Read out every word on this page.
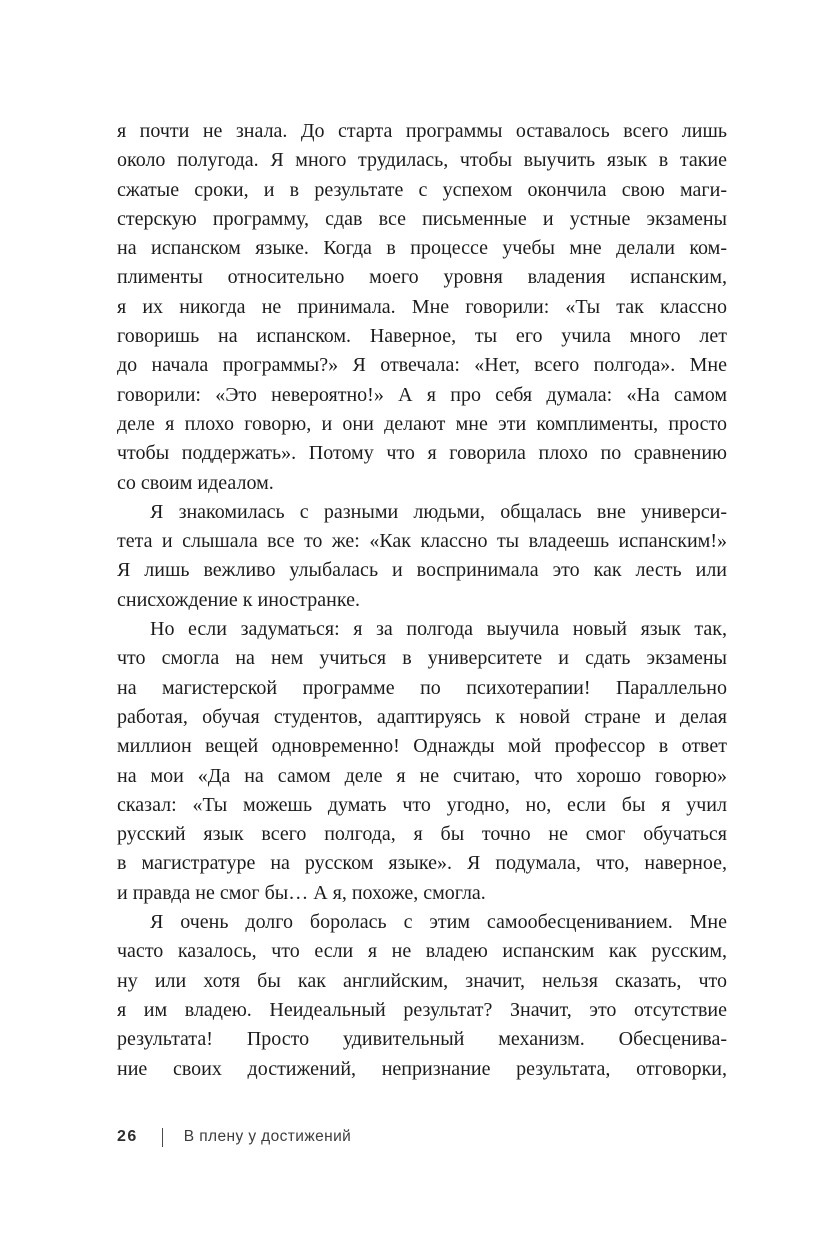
я почти не знала. До старта программы оставалось всего лишь
около полугода. Я много трудилась, чтобы выучить язык в такие
сжатые сроки, и в результате с успехом окончила свою маги-
стерскую программу, сдав все письменные и устные экзамены
на испанском языке. Когда в процессе учебы мне делали ком-
плименты относительно моего уровня владения испанским,
я их никогда не принимала. Мне говорили: «Ты так классно
говоришь на испанском. Наверное, ты его учила много лет
до начала программы?» Я отвечала: «Нет, всего полгода». Мне
говорили: «Это невероятно!» А я про себя думала: «На самом
деле я плохо говорю, и они делают мне эти комплименты, просто
чтобы поддержать». Потому что я говорила плохо по сравнению
со своим идеалом.

Я знакомилась с разными людьми, общалась вне универси-
тета и слышала все то же: «Как классно ты владеешь испанским!»
Я лишь вежливо улыбалась и воспринимала это как лесть или
снисхождение к иностранке.

Но если задуматься: я за полгода выучила новый язык так,
что смогла на нем учиться в университете и сдать экзамены
на магистерской программе по психотерапии! Параллельно
работая, обучая студентов, адаптируясь к новой стране и делая
миллион вещей одновременно! Однажды мой профессор в ответ
на мои «Да на самом деле я не считаю, что хорошо говорю»
сказал: «Ты можешь думать что угодно, но, если бы я учил
русский язык всего полгода, я бы точно не смог обучаться
в магистратуре на русском языке». Я подумала, что, наверное,
и правда не смог бы… А я, похоже, смогла.

Я очень долго боролась с этим самообесцениванием. Мне
часто казалось, что если я не владею испанским как русским,
ну или хотя бы как английским, значит, нельзя сказать, что
я им владею. Неидеальный результат? Значит, это отсутствие
результата! Просто удивительный механизм. Обесценива-
ние своих достижений, непризнание результата, отговорки,

26	В плену у достижений
